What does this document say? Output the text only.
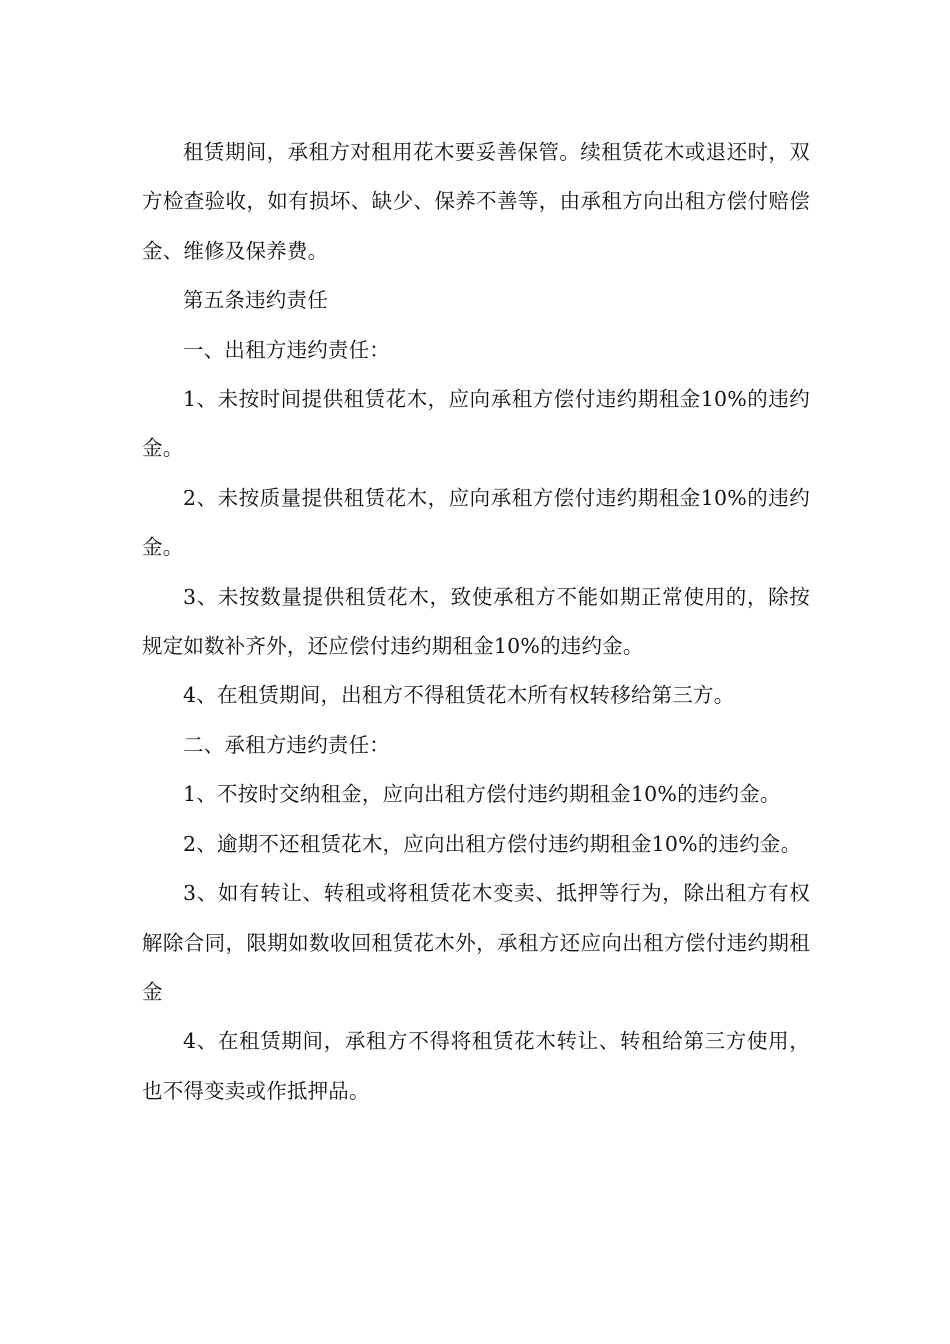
租赁期间，承租方对租用花木要妥善保管。续租赁花木或退还时，双方检查验收，如有损坏、缺少、保养不善等，由承租方向出租方偿付赔偿金、维修及保养费。

第五条违约责任

一、出租方违约责任：

1、未按时间提供租赁花木，应向承租方偿付违约期租金10%的违约金。

2、未按质量提供租赁花木，应向承租方偿付违约期租金10%的违约金。

3、未按数量提供租赁花木，致使承租方不能如期正常使用的，除按规定如数补齐外，还应偿付违约期租金10%的违约金。

4、在租赁期间，出租方不得租赁花木所有权转移给第三方。

二、承租方违约责任：

1、不按时交纳租金，应向出租方偿付违约期租金10%的违约金。

2、逾期不还租赁花木，应向出租方偿付违约期租金10%的违约金。

3、如有转让、转租或将租赁花木变卖、抵押等行为，除出租方有权解除合同，限期如数收回租赁花木外，承租方还应向出租方偿付违约期租金

4、在租赁期间，承租方不得将租赁花木转让、转租给第三方使用，也不得变卖或作抵押品。
